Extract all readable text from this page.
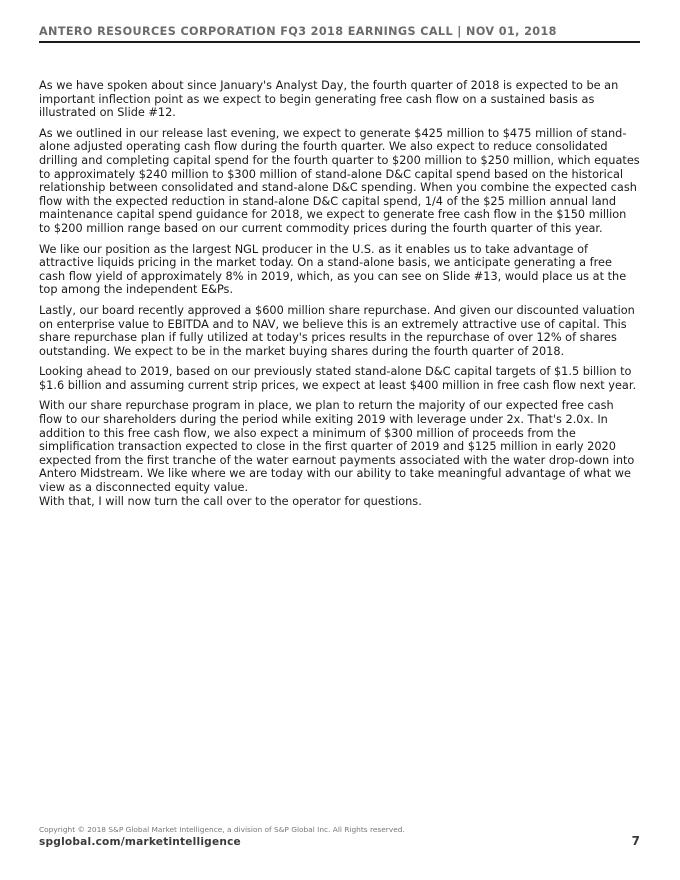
ANTERO RESOURCES CORPORATION FQ3 2018 EARNINGS CALL | NOV 01, 2018

As we have spoken about since January's Analyst Day, the fourth quarter of 2018 is expected to be an important inflection point as we expect to begin generating free cash flow on a sustained basis as illustrated on Slide #12.

As we outlined in our release last evening, we expect to generate $425 million to $475 million of stand-alone adjusted operating cash flow during the fourth quarter. We also expect to reduce consolidated drilling and completing capital spend for the fourth quarter to $200 million to $250 million, which equates to approximately $240 million to $300 million of stand-alone D&C capital spend based on the historical relationship between consolidated and stand-alone D&C spending. When you combine the expected cash flow with the expected reduction in stand-alone D&C capital spend, 1/4 of the $25 million annual land maintenance capital spend guidance for 2018, we expect to generate free cash flow in the $150 million to $200 million range based on our current commodity prices during the fourth quarter of this year.

We like our position as the largest NGL producer in the U.S. as it enables us to take advantage of attractive liquids pricing in the market today. On a stand-alone basis, we anticipate generating a free cash flow yield of approximately 8% in 2019, which, as you can see on Slide #13, would place us at the top among the independent E&Ps.

Lastly, our board recently approved a $600 million share repurchase. And given our discounted valuation on enterprise value to EBITDA and to NAV, we believe this is an extremely attractive use of capital. This share repurchase plan if fully utilized at today's prices results in the repurchase of over 12% of shares outstanding. We expect to be in the market buying shares during the fourth quarter of 2018.

Looking ahead to 2019, based on our previously stated stand-alone D&C capital targets of $1.5 billion to $1.6 billion and assuming current strip prices, we expect at least $400 million in free cash flow next year.

With our share repurchase program in place, we plan to return the majority of our expected free cash flow to our shareholders during the period while exiting 2019 with leverage under 2x. That's 2.0x. In addition to this free cash flow, we also expect a minimum of $300 million of proceeds from the simplification transaction expected to close in the first quarter of 2019 and $125 million in early 2020 expected from the first tranche of the water earnout payments associated with the water drop-down into Antero Midstream. We like where we are today with our ability to take meaningful advantage of what we view as a disconnected equity value.

With that, I will now turn the call over to the operator for questions.

Copyright © 2018 S&P Global Market Intelligence, a division of S&P Global Inc. All Rights reserved.
spglobal.com/marketintelligence	7
